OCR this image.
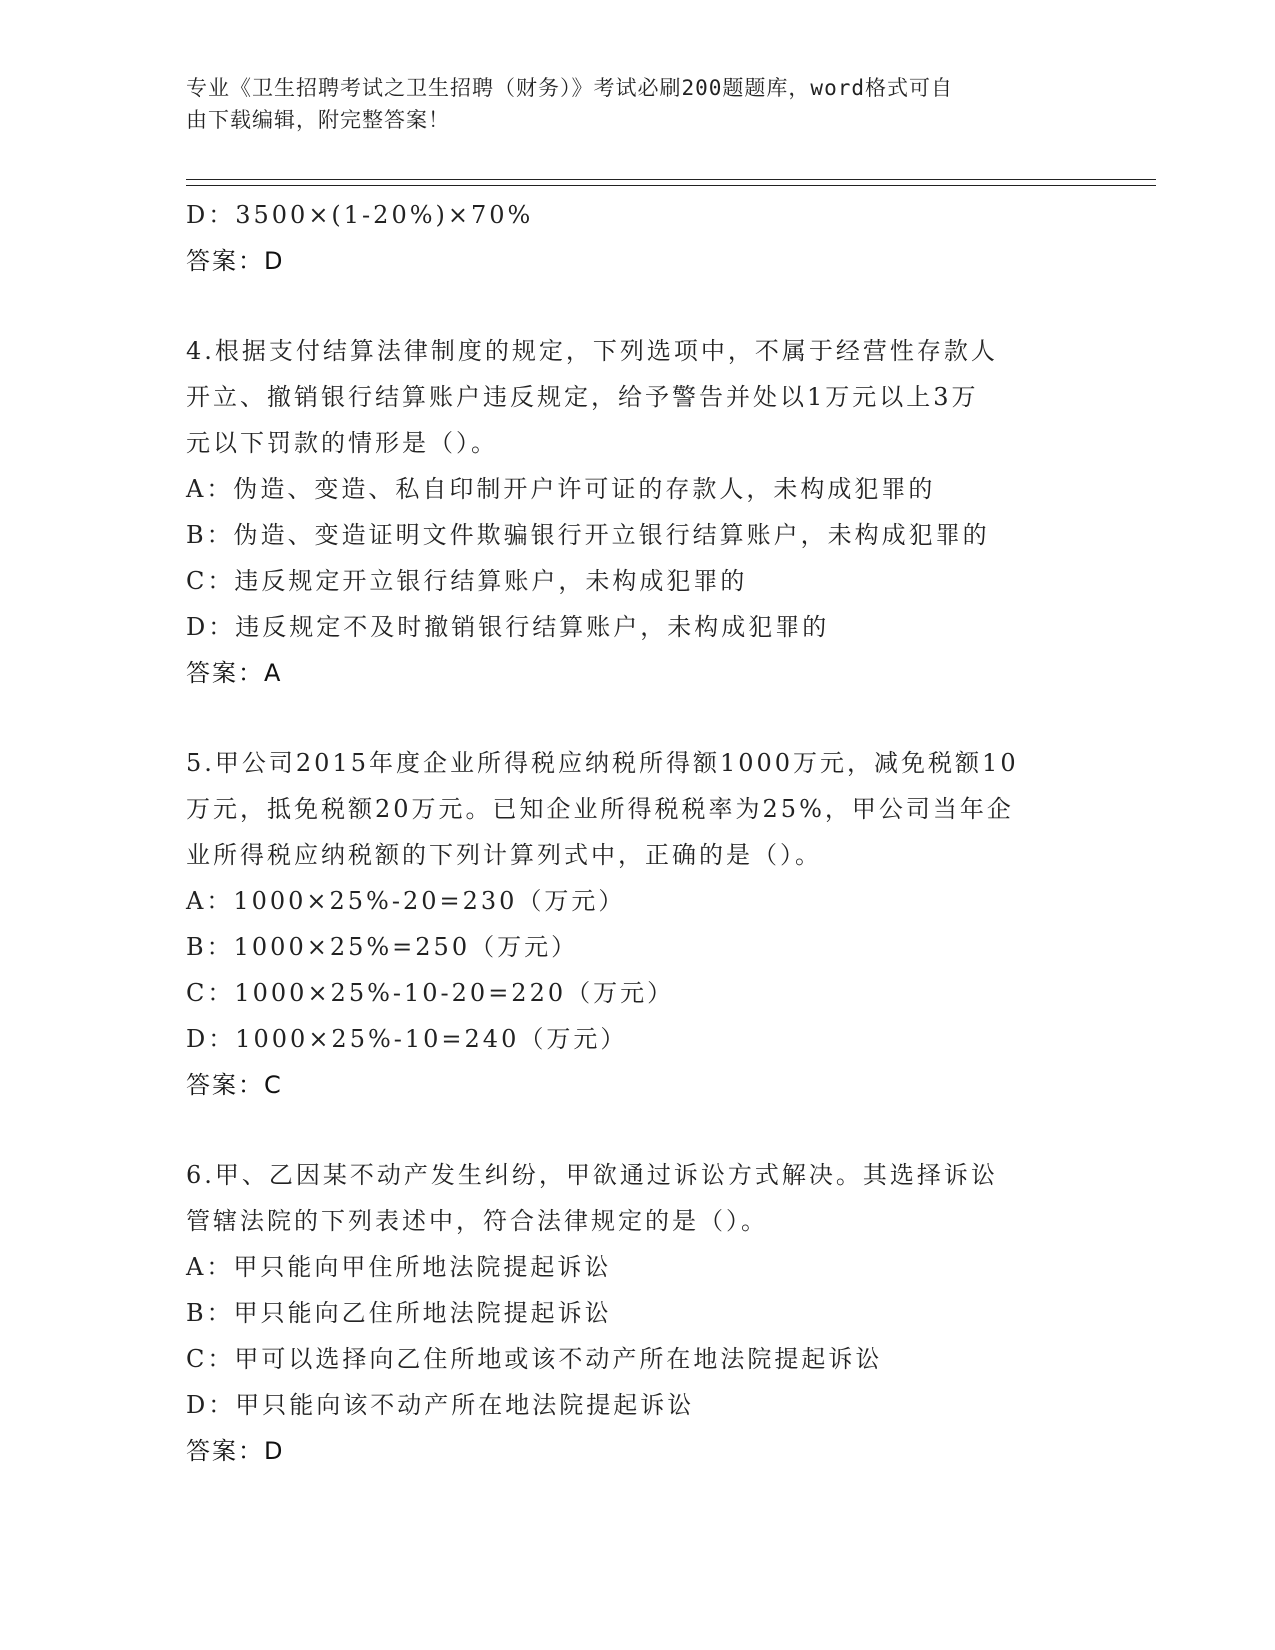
专业《卫生招聘考试之卫生招聘（财务）》考试必刷200题题库，word格式可自
由下载编辑，附完整答案！
D：3500×(1-20%)×70%
答案：D
4.根据支付结算法律制度的规定，下列选项中，不属于经营性存款人
开立、撤销银行结算账户违反规定，给予警告并处以1万元以上3万
元以下罚款的情形是（）。
A：伪造、变造、私自印制开户许可证的存款人，未构成犯罪的
B：伪造、变造证明文件欺骗银行开立银行结算账户，未构成犯罪的
C：违反规定开立银行结算账户，未构成犯罪的
D：违反规定不及时撤销银行结算账户，未构成犯罪的
答案：A
5.甲公司2015年度企业所得税应纳税所得额1000万元，减免税额10
万元，抵免税额20万元。已知企业所得税税率为25%，甲公司当年企
业所得税应纳税额的下列计算列式中，正确的是（）。
A：1000×25%-20=230（万元）
B：1000×25%=250（万元）
C：1000×25%-10-20=220（万元）
D：1000×25%-10=240（万元）
答案：C
6.甲、乙因某不动产发生纠纷，甲欲通过诉讼方式解决。其选择诉讼
管辖法院的下列表述中，符合法律规定的是（）。
A：甲只能向甲住所地法院提起诉讼
B：甲只能向乙住所地法院提起诉讼
C：甲可以选择向乙住所地或该不动产所在地法院提起诉讼
D：甲只能向该不动产所在地法院提起诉讼
答案：D
